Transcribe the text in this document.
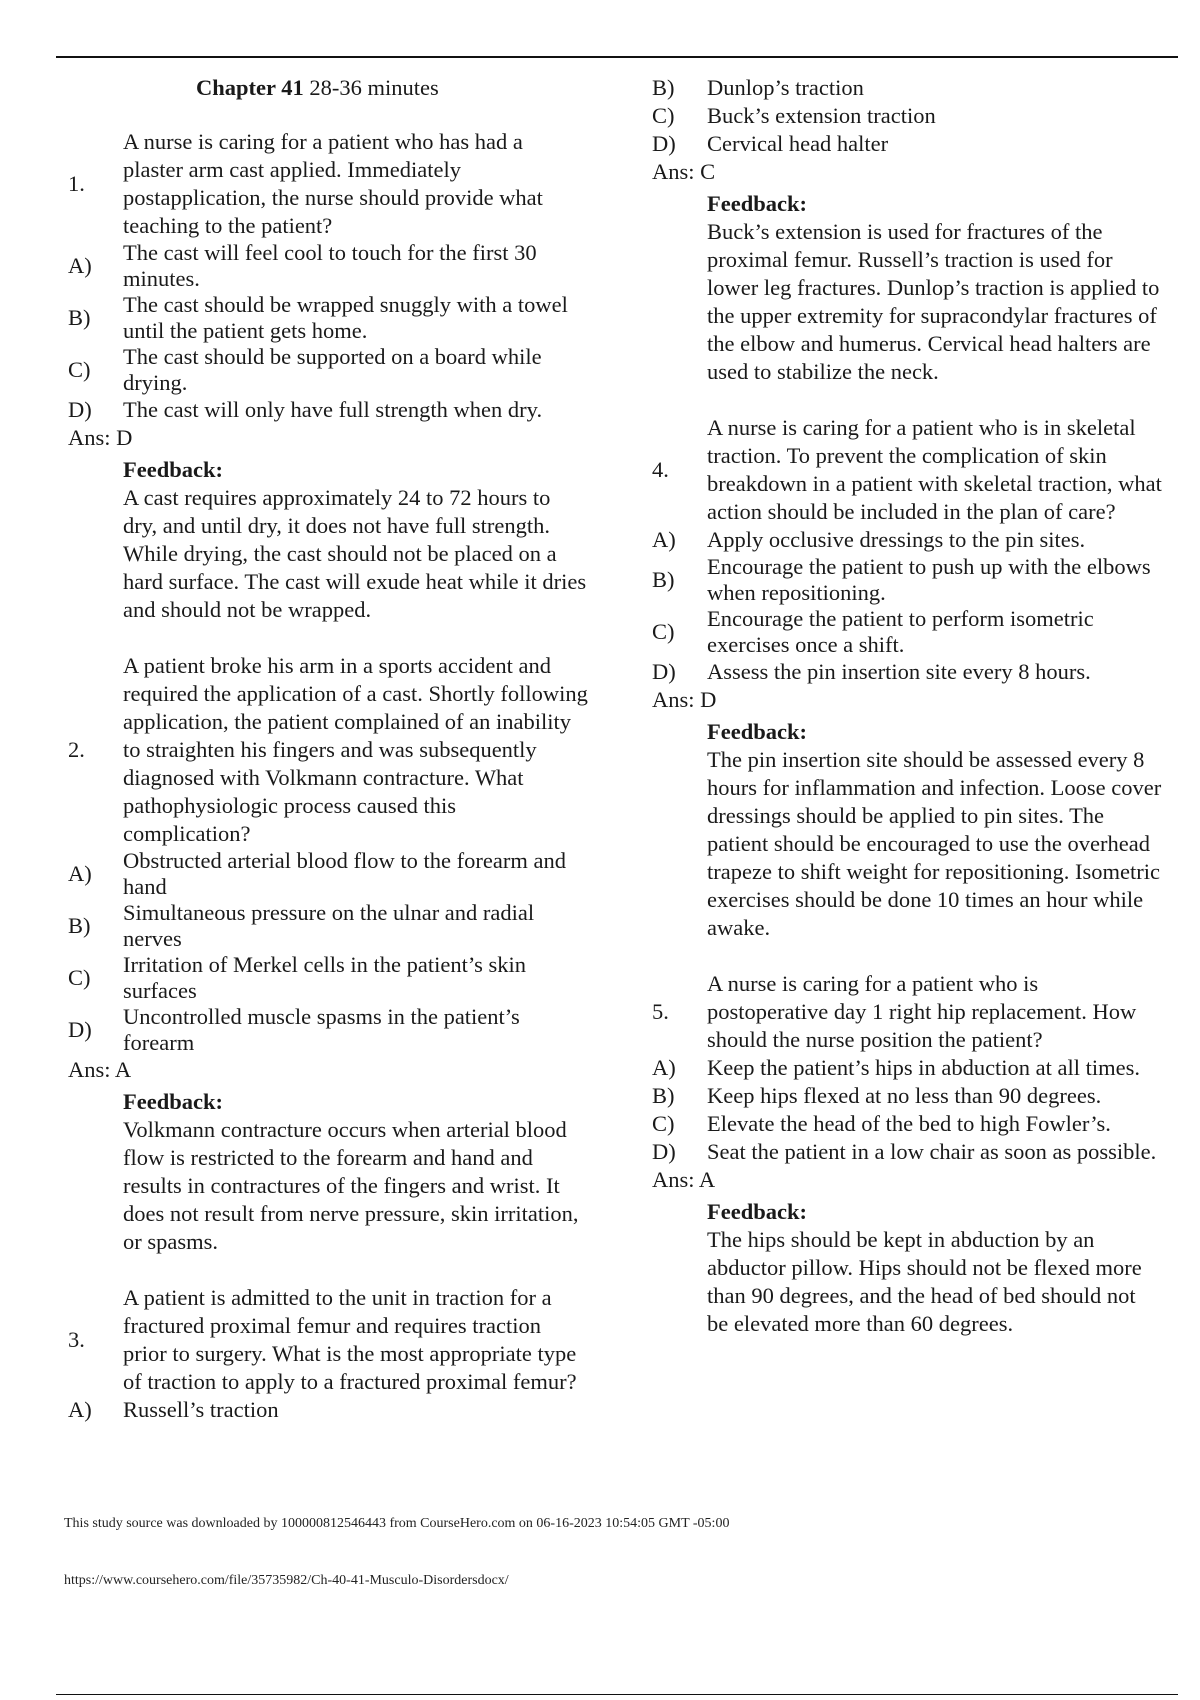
Chapter 41 28-36 minutes
1.
A nurse is caring for a patient who has had a plaster arm cast applied. Immediately postapplication, the nurse should provide what teaching to the patient?
A)
The cast will feel cool to touch for the first 30 minutes.
B)
The cast should be wrapped snuggly with a towel until the patient gets home.
C)
The cast should be supported on a board while drying.
D)	The cast will only have full strength when dry.
Ans: D
Feedback:
A cast requires approximately 24 to 72 hours to dry, and until dry, it does not have full strength. While drying, the cast should not be placed on a hard surface. The cast will exude heat while it dries and should not be wrapped.
2.
A patient broke his arm in a sports accident and required the application of a cast. Shortly following application, the patient complained of an inability to straighten his fingers and was subsequently diagnosed with Volkmann contracture. What pathophysiologic process caused this complication?
A)
Obstructed arterial blood flow to the forearm and hand
B)
Simultaneous pressure on the ulnar and radial nerves
C)
Irritation of Merkel cells in the patient’s skin surfaces
D)
Uncontrolled muscle spasms in the patient’s forearm
Ans: A
Feedback:
Volkmann contracture occurs when arterial blood flow is restricted to the forearm and hand and results in contractures of the fingers and wrist. It does not result from nerve pressure, skin irritation, or spasms.
3.
A patient is admitted to the unit in traction for a fractured proximal femur and requires traction prior to surgery. What is the most appropriate type of traction to apply to a fractured proximal femur?
A)	Russell’s traction
B)	Dunlop’s traction
C)	Buck’s extension traction
D)	Cervical head halter
Ans: C
Feedback:
Buck’s extension is used for fractures of the proximal femur. Russell’s traction is used for lower leg fractures. Dunlop’s traction is applied to the upper extremity for supracondylar fractures of the elbow and humerus. Cervical head halters are used to stabilize the neck.
4.
A nurse is caring for a patient who is in skeletal traction. To prevent the complication of skin breakdown in a patient with skeletal traction, what action should be included in the plan of care?
A)	Apply occlusive dressings to the pin sites.
B)
Encourage the patient to push up with the elbows when repositioning.
C)
Encourage the patient to perform isometric exercises once a shift.
D)	Assess the pin insertion site every 8 hours.
Ans: D
Feedback:
The pin insertion site should be assessed every 8 hours for inflammation and infection. Loose cover dressings should be applied to pin sites. The patient should be encouraged to use the overhead trapeze to shift weight for repositioning. Isometric exercises should be done 10 times an hour while awake.
5.
A nurse is caring for a patient who is postoperative day 1 right hip replacement. How should the nurse position the patient?
A)	Keep the patient’s hips in abduction at all times.
B)	Keep hips flexed at no less than 90 degrees.
C)	Elevate the head of the bed to high Fowler’s.
D)	Seat the patient in a low chair as soon as possible.
Ans: A
Feedback:
The hips should be kept in abduction by an abductor pillow. Hips should not be flexed more than 90 degrees, and the head of bed should not be elevated more than 60 degrees.
This study source was downloaded by 100000812546443 from CourseHero.com on 06-16-2023 10:54:05 GMT -05:00
https://www.coursehero.com/file/35735982/Ch-40-41-Musculo-Disordersdocx/
